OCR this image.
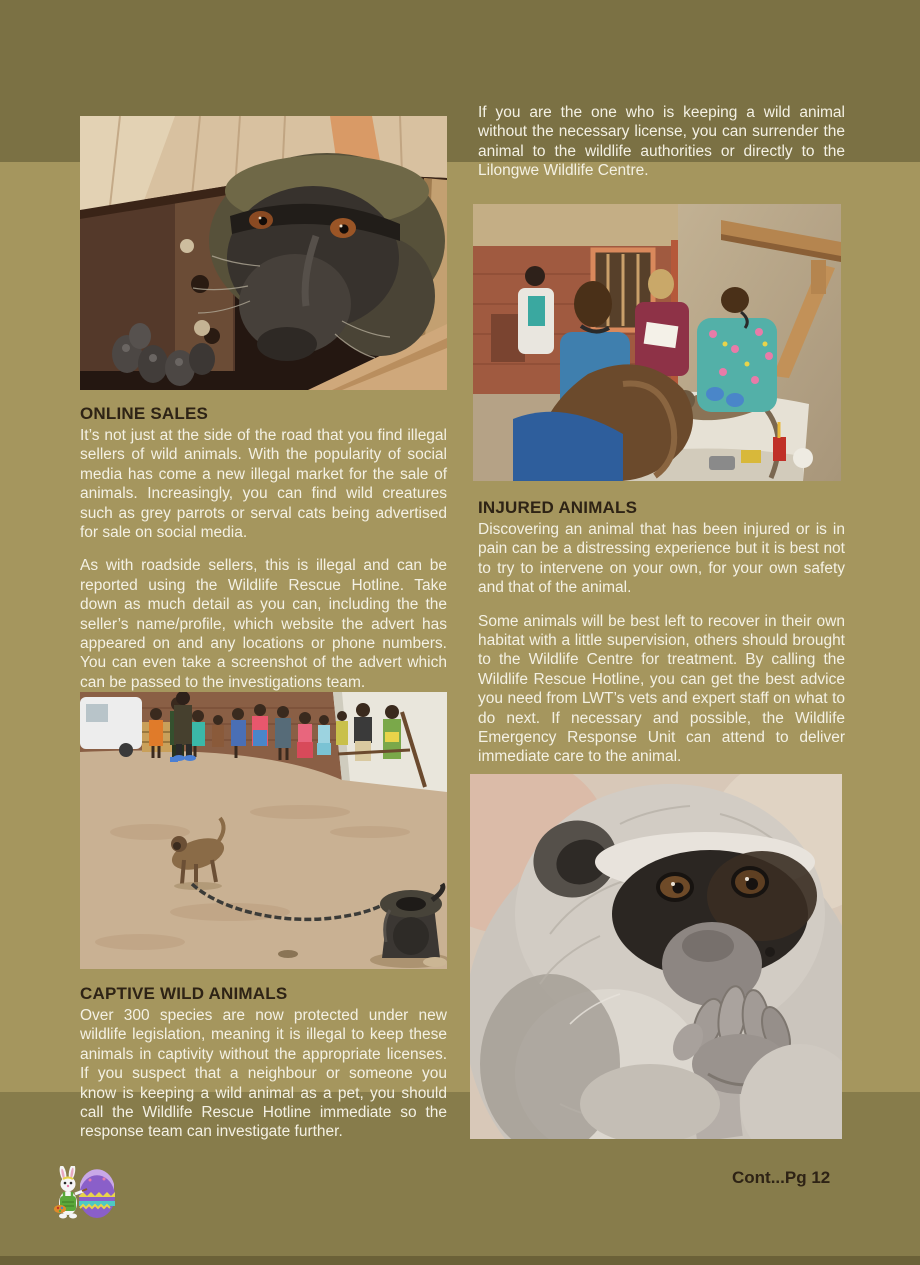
If you are the one who is keeping a wild animal without the necessary license, you can surrender the animal to the wildlife authorities or directly to the Lilongwe Wildlife Centre.

ONLINE SALES

It’s not just at the side of the road that you find illegal sellers of wild animals. With the popularity of social media has come a new illegal market for the sale of animals. Increasingly, you can find wild creatures such as grey parrots or serval cats being advertised for sale on social media.

As with roadside sellers, this is illegal and can be reported using the Wildlife Rescue Hotline. Take down as much detail as you can, including the the seller’s name/profile, which website the advert has appeared on and any locations or phone numbers. You can even take a screenshot of the advert which can be passed to the investigations team.

INJURED ANIMALS

Discovering an animal that has been injured or is in pain can be a distressing experience but it is best not to try to intervene on your own, for your own safety and that of the animal.

Some animals will be best left to recover in their own habitat with a little supervision, others should brought to the Wildlife Centre for treatment. By calling the Wildlife Rescue Hotline, you can get the best advice you need from LWT’s vets and expert staff on what to do next. If necessary and possible, the Wildlife Emergency Response Unit can attend to deliver immediate care to the animal.

CAPTIVE WILD ANIMALS

Over 300 species are now protected under new wildlife legislation, meaning it is illegal to keep these animals in captivity without the appropriate licenses. If you suspect that a neighbour or someone you know is keeping a wild animal as a pet, you should call the Wildlife Rescue Hotline immediate so the response team can investigate further.

Cont...Pg 12
